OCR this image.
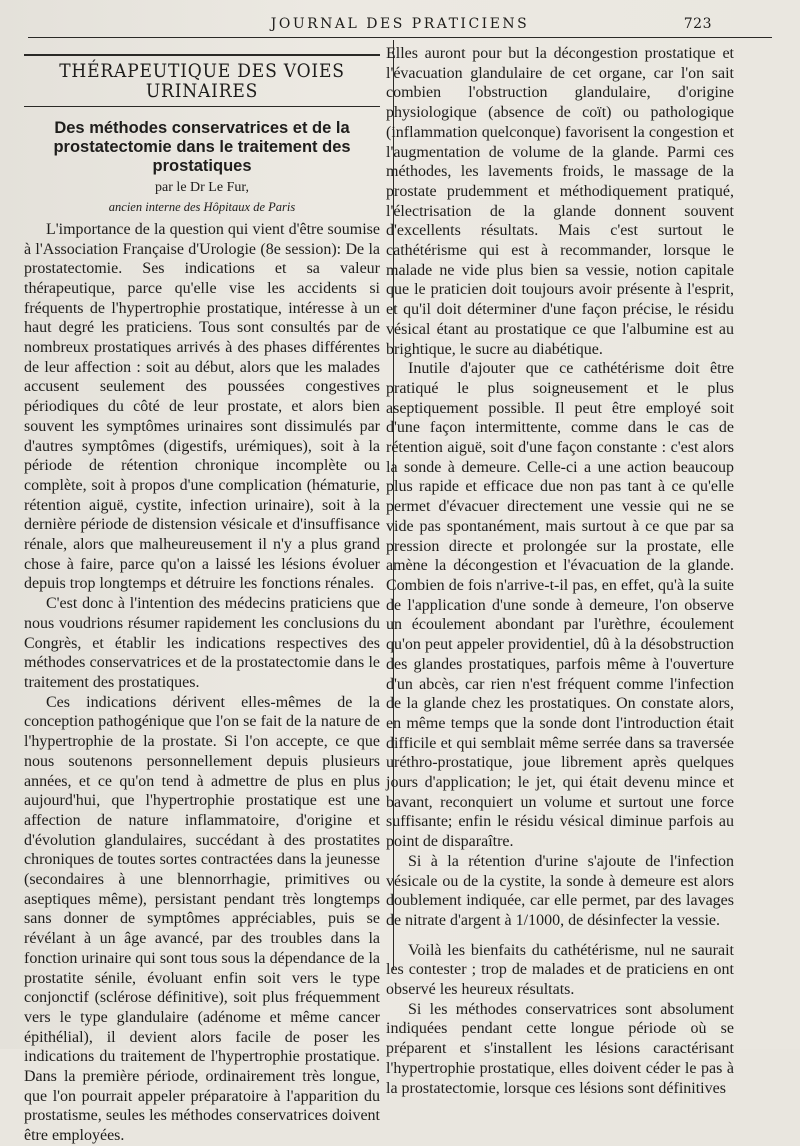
JOURNAL DES PRATICIENS	723
THÉRAPEUTIQUE DES VOIES URINAIRES
Des méthodes conservatrices et de la prostatectomie dans le traitement des prostatiques
par le Dr Le Fur,
ancien interne des Hôpitaux de Paris

L'importance de la question qui vient d'être soumise à l'Association Française d'Urologie (8e session): De la prostatectomie. Ses indications et sa valeur thérapeutique, parce qu'elle vise les accidents si fréquents de l'hypertrophie prostatique, intéresse à un haut degré les praticiens. Tous sont consultés par de nombreux prostatiques arrivés à des phases différentes de leur affection : soit au début, alors que les malades accusent seulement des poussées congestives périodiques du côté de leur prostate, et alors bien souvent les symptômes urinaires sont dissimulés par d'autres symptômes (digestifs, urémiques), soit à la période de rétention chronique incomplète ou complète, soit à propos d'une complication (hématurie, rétention aiguë, cystite, infection urinaire), soit à la dernière période de distension vésicale et d'insuffisance rénale, alors que malheureusement il n'y a plus grand chose à faire, parce qu'on a laissé les lésions évoluer depuis trop longtemps et détruire les fonctions rénales.

C'est donc à l'intention des médecins praticiens que nous voudrions résumer rapidement les conclusions du Congrès, et établir les indications respectives des méthodes conservatrices et de la prostatectomie dans le traitement des prostatiques.

Ces indications dérivent elles-mêmes de la conception pathogénique que l'on se fait de la nature de l'hypertrophie de la prostate. Si l'on accepte, ce que nous soutenons personnellement depuis plusieurs années, et ce qu'on tend à admettre de plus en plus aujourd'hui, que l'hypertrophie prostatique est une affection de nature inflammatoire, d'origine et d'évolution glandulaires, succédant à des prostatites chroniques de toutes sortes contractées dans la jeunesse (secondaires à une blennorrhagie, primitives ou aseptiques même), persistant pendant très longtemps sans donner de symptômes appréciables, puis se révélant à un âge avancé, par des troubles dans la fonction urinaire qui sont tous sous la dépendance de la prostatite sénile, évoluant enfin soit vers le type conjonctif (sclérose définitive), soit plus fréquemment vers le type glandulaire (adénome et même cancer épithélial), il devient alors facile de poser les indications du traitement de l'hypertrophie prostatique. Dans la première période, ordinairement très longue, que l'on pourrait appeler préparatoire à l'apparition du prostatisme, seules les méthodes conservatrices doivent être employées.

Elles auront pour but la décongestion prostatique et l'évacuation glandulaire de cet organe, car l'on sait combien l'obstruction glandulaire, d'origine physiologique (absence de coït) ou pathologique (inflammation quelconque) favorisent la congestion et l'augmentation de volume de la glande. Parmi ces méthodes, les lavements froids, le massage de la prostate prudemment et méthodiquement pratiqué, l'électrisation de la glande donnent souvent d'excellents résultats. Mais c'est surtout le cathétérisme qui est à recommander, lorsque le malade ne vide plus bien sa vessie, notion capitale que le praticien doit toujours avoir présente à l'esprit, et qu'il doit déterminer d'une façon précise, le résidu vésical étant au prostatique ce que l'albumine est au brightique, le sucre au diabétique.

Inutile d'ajouter que ce cathétérisme doit être pratiqué le plus soigneusement et le plus aseptiquement possible. Il peut être employé soit d'une façon intermittente, comme dans le cas de rétention aiguë, soit d'une façon constante : c'est alors la sonde à demeure. Celle-ci a une action beaucoup plus rapide et efficace due non pas tant à ce qu'elle permet d'évacuer directement une vessie qui ne se vide pas spontanément, mais surtout à ce que par sa pression directe et prolongée sur la prostate, elle amène la décongestion et l'évacuation de la glande. Combien de fois n'arrive-t-il pas, en effet, qu'à la suite de l'application d'une sonde à demeure, l'on observe un écoulement abondant par l'urèthre, écoulement qu'on peut appeler providentiel, dû à la désobstruction des glandes prostatiques, parfois même à l'ouverture d'un abcès, car rien n'est fréquent comme l'infection de la glande chez les prostatiques. On constate alors, en même temps que la sonde dont l'introduction était difficile et qui semblait même serrée dans sa traversée uréthro-prostatique, joue librement après quelques jours d'application; le jet, qui était devenu mince et bavant, reconquiert un volume et surtout une force suffisante; enfin le résidu vésical diminue parfois au point de disparaître.

Si à la rétention d'urine s'ajoute de l'infection vésicale ou de la cystite, la sonde à demeure est alors doublement indiquée, car elle permet, par des lavages de nitrate d'argent à 1/1000, de désinfecter la vessie.

Voilà les bienfaits du cathétérisme, nul ne saurait les contester ; trop de malades et de praticiens en ont observé les heureux résultats.

Si les méthodes conservatrices sont absolument indiquées pendant cette longue période où se préparent et s'installent les lésions caractérisant l'hypertrophie prostatique, elles doivent céder le pas à la prostatectomie, lorsque ces lésions sont définitives
